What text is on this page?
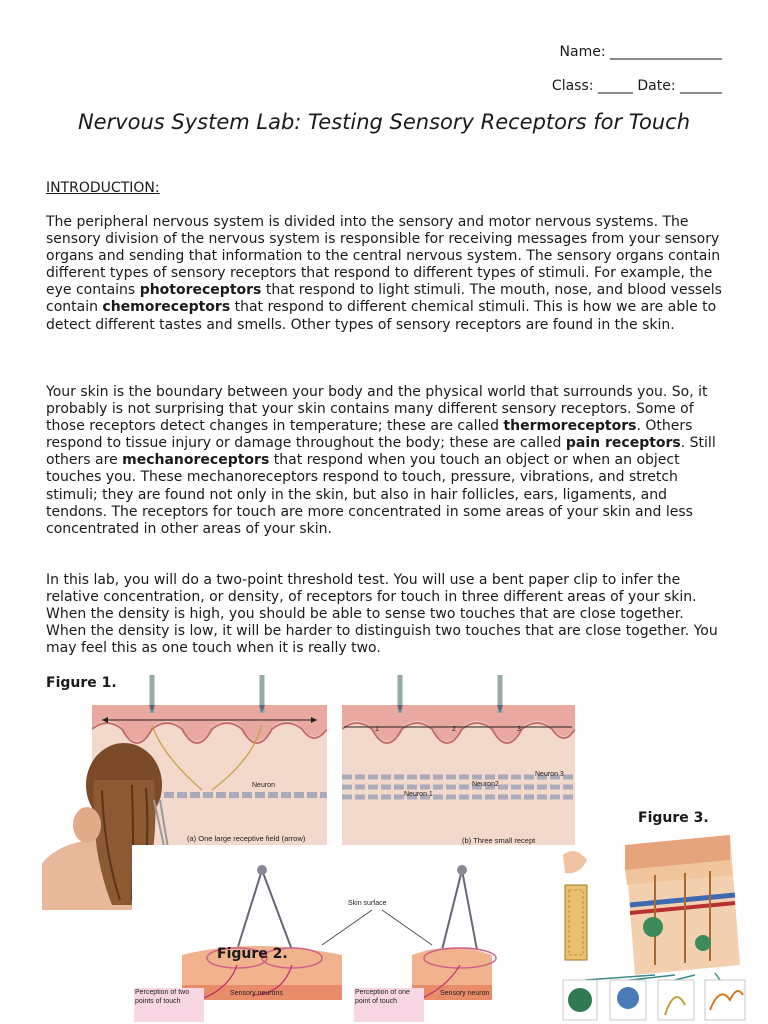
Name: ________________
Class: _____ Date: ______
Nervous System Lab: Testing Sensory Receptors for Touch
INTRODUCTION:
The peripheral nervous system is divided into the sensory and motor nervous systems. The sensory division of the nervous system is responsible for receiving messages from your sensory organs and sending that information to the central nervous system. The sensory organs contain different types of sensory receptors that respond to different types of stimuli. For example, the eye contains photoreceptors that respond to light stimuli. The mouth, nose, and blood vessels contain chemoreceptors that respond to different chemical stimuli. This is how we are able to detect different tastes and smells. Other types of sensory receptors are found in the skin.
Your skin is the boundary between your body and the physical world that surrounds you. So, it probably is not surprising that your skin contains many different sensory receptors. Some of those receptors detect changes in temperature; these are called thermoreceptors. Others respond to tissue injury or damage throughout the body; these are called pain receptors. Still others are mechanoreceptors that respond when you touch an object or when an object touches you. These mechanoreceptors respond to touch, pressure, vibrations, and stretch stimuli; they are found not only in the skin, but also in hair follicles, ears, ligaments, and tendons. The receptors for touch are more concentrated in some areas of your skin and less concentrated in other areas of your skin.
In this lab, you will do a two-point threshold test. You will use a bent paper clip to infer the relative concentration, or density, of receptors for touch in three different areas of your skin. When the density is high, you should be able to sense two touches that are close together. When the density is low, it will be harder to distinguish two touches that are close together. You may feel this as one touch when it is really two.
Figure 1.
Figure 3.
Neuron
(a) One large receptive field (arrow)
1	2	3
Neuron 3
Neuron2
Neuron 1
(b) Three small recept
Skin surface
Sensory neurons	Sensory neuron
Perception of two points of touch
Perception of one point of touch
Figure 2.
